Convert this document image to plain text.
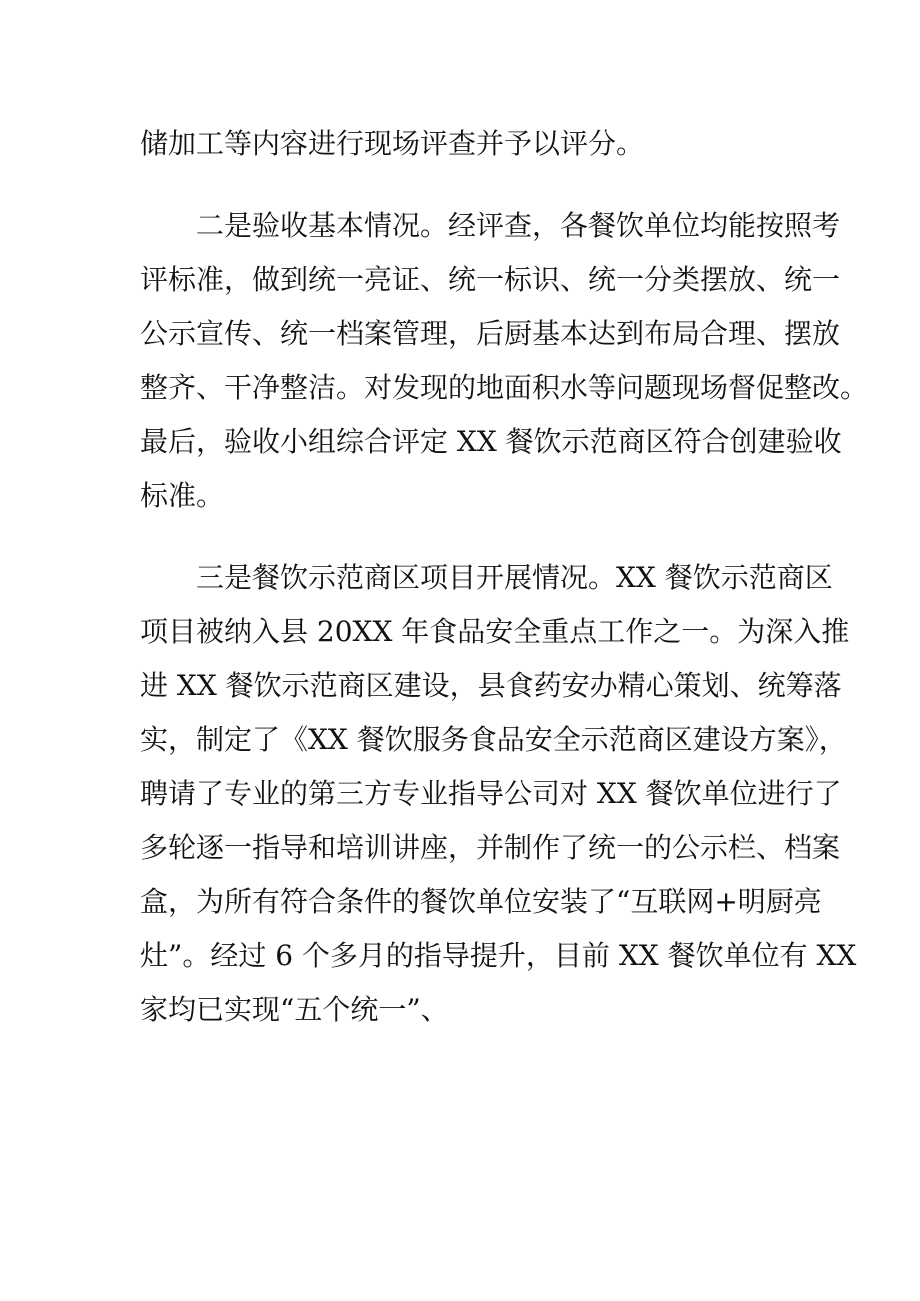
储加工等内容进行现场评查并予以评分。

二是验收基本情况。经评查，各餐饮单位均能按照考

评标准，做到统一亮证、统一标识、统一分类摆放、统一

公示宣传、统一档案管理，后厨基本达到布局合理、摆放

整齐、干净整洁。对发现的地面积水等问题现场督促整改。

最后，验收小组综合评定 XX 餐饮示范商区符合创建验收

标准。

三是餐饮示范商区项目开展情况。XX 餐饮示范商区

项目被纳入县 20XX 年食品安全重点工作之一。为深入推

进 XX 餐饮示范商区建设，县食药安办精心策划、统筹落

实，制定了《XX 餐饮服务食品安全示范商区建设方案》，

聘请了专业的第三方专业指导公司对 XX 餐饮单位进行了

多轮逐一指导和培训讲座，并制作了统一的公示栏、档案

盒，为所有符合条件的餐饮单位安装了“互联网+明厨亮

灶”。经过 6 个多月的指导提升，目前 XX 餐饮单位有 XX

家均已实现“五个统一”、
